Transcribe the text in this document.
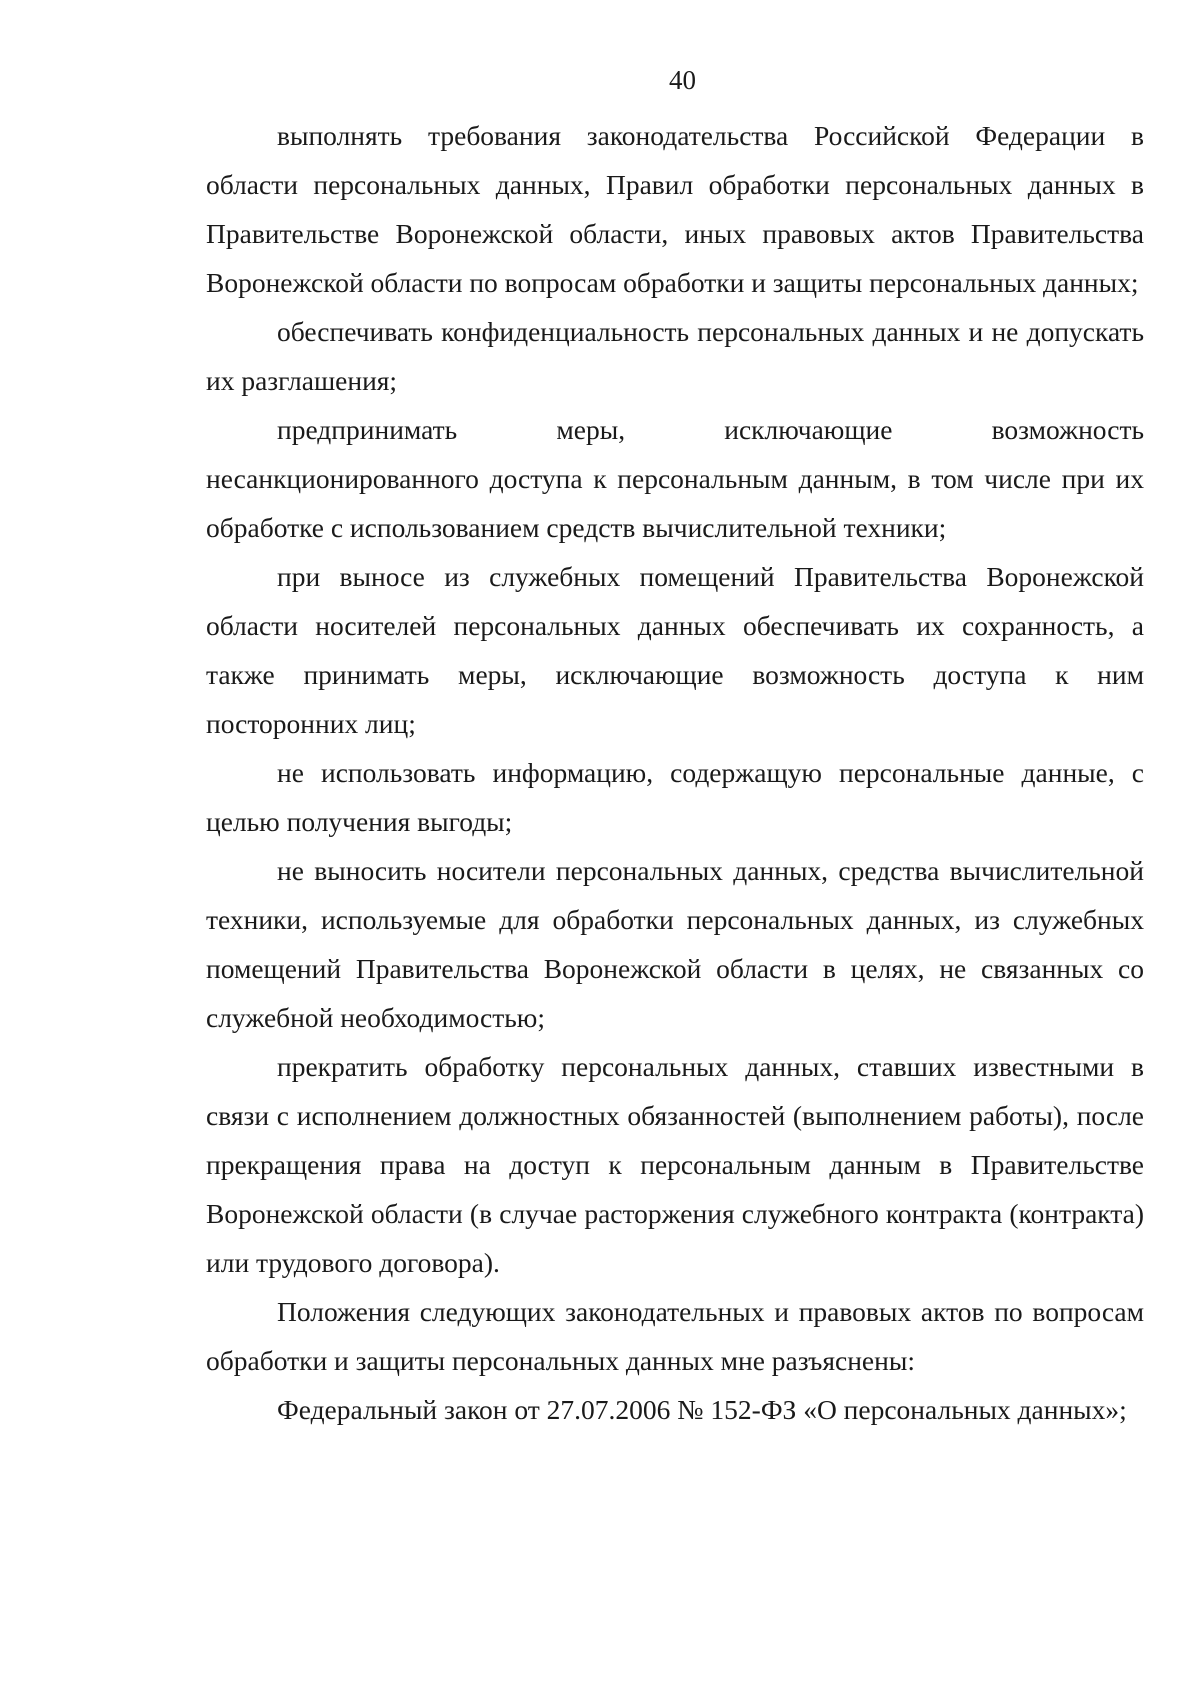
40

выполнять требования законодательства Российской Федерации в области персональных данных, Правил обработки персональных данных в Правительстве Воронежской области, иных правовых актов Правительства Воронежской области по вопросам обработки и защиты персональных данных;

обеспечивать конфиденциальность персональных данных и не допускать их разглашения;

предпринимать меры, исключающие возможность несанкционированного доступа к персональным данным, в том числе при их обработке с использованием средств вычислительной техники;

при выносе из служебных помещений Правительства Воронежской области носителей персональных данных обеспечивать их сохранность, а также принимать меры, исключающие возможность доступа к ним посторонних лиц;

не использовать информацию, содержащую персональные данные, с целью получения выгоды;

не выносить носители персональных данных, средства вычислительной техники, используемые для обработки персональных данных, из служебных помещений Правительства Воронежской области в целях, не связанных со служебной необходимостью;

прекратить обработку персональных данных, ставших известными в связи с исполнением должностных обязанностей (выполнением работы), после прекращения права на доступ к персональным данным в Правительстве Воронежской области (в случае расторжения служебного контракта (контракта) или трудового договора).

Положения следующих законодательных и правовых актов по вопросам обработки и защиты персональных данных мне разъяснены:

Федеральный закон от 27.07.2006 № 152-ФЗ «О персональных данных»;
